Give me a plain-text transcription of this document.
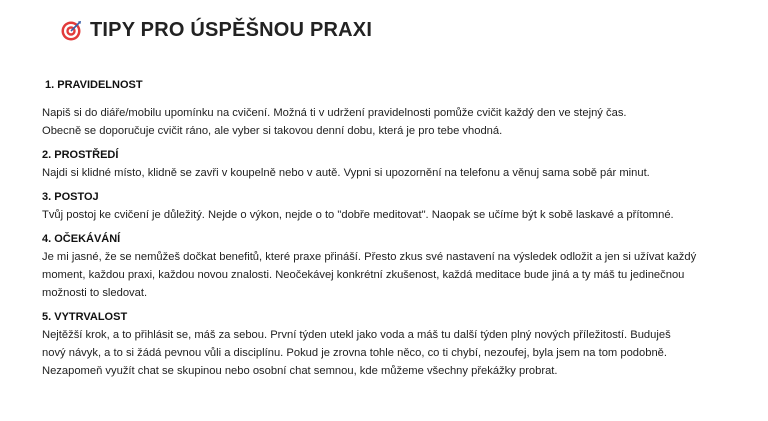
TIPY PRO ÚSPĚŠNOU PRAXI

1. PRAVIDELNOST

Napiš si do diáře/mobilu upomínku na cvičení. Možná ti v udržení pravidelnosti pomůže cvičit každý den ve stejný čas.

Obecně se doporučuje cvičit ráno, ale vyber si takovou denní dobu, která je pro tebe vhodná.

2. PROSTŘEDÍ

Najdi si klidné místo, klidně se zavři v koupelně nebo v autě. Vypni si upozornění na telefonu a věnuj sama sobě pár minut.

3. POSTOJ

Tvůj postoj ke cvičení je důležitý. Nejde o výkon, nejde o to "dobře meditovat". Naopak se učíme být k sobě laskavé a přítomné.

4. OČEKÁVÁNÍ

Je mi jasné, že se nemůžeš dočkat benefitů, které praxe přináší. Přesto zkus své nastavení na výsledek odložit a jen si užívat každý

moment, každou praxi, každou novou znalosti. Neočekávej konkrétní zkušenost, každá meditace bude jiná a ty máš tu jedinečnou

možnosti to sledovat.

5. VYTRVALOST

Nejtěžší krok, a to přihlásit se, máš za sebou. První týden utekl jako voda a máš tu další týden plný nových příležitostí. Buduješ

nový návyk, a to si žádá pevnou vůli a disciplínu. Pokud je zrovna tohle něco, co ti chybí, nezoufej, byla jsem na tom podobně.

Nezapomeň využít chat se skupinou nebo osobní chat semnou, kde můžeme všechny překážky probrat.
